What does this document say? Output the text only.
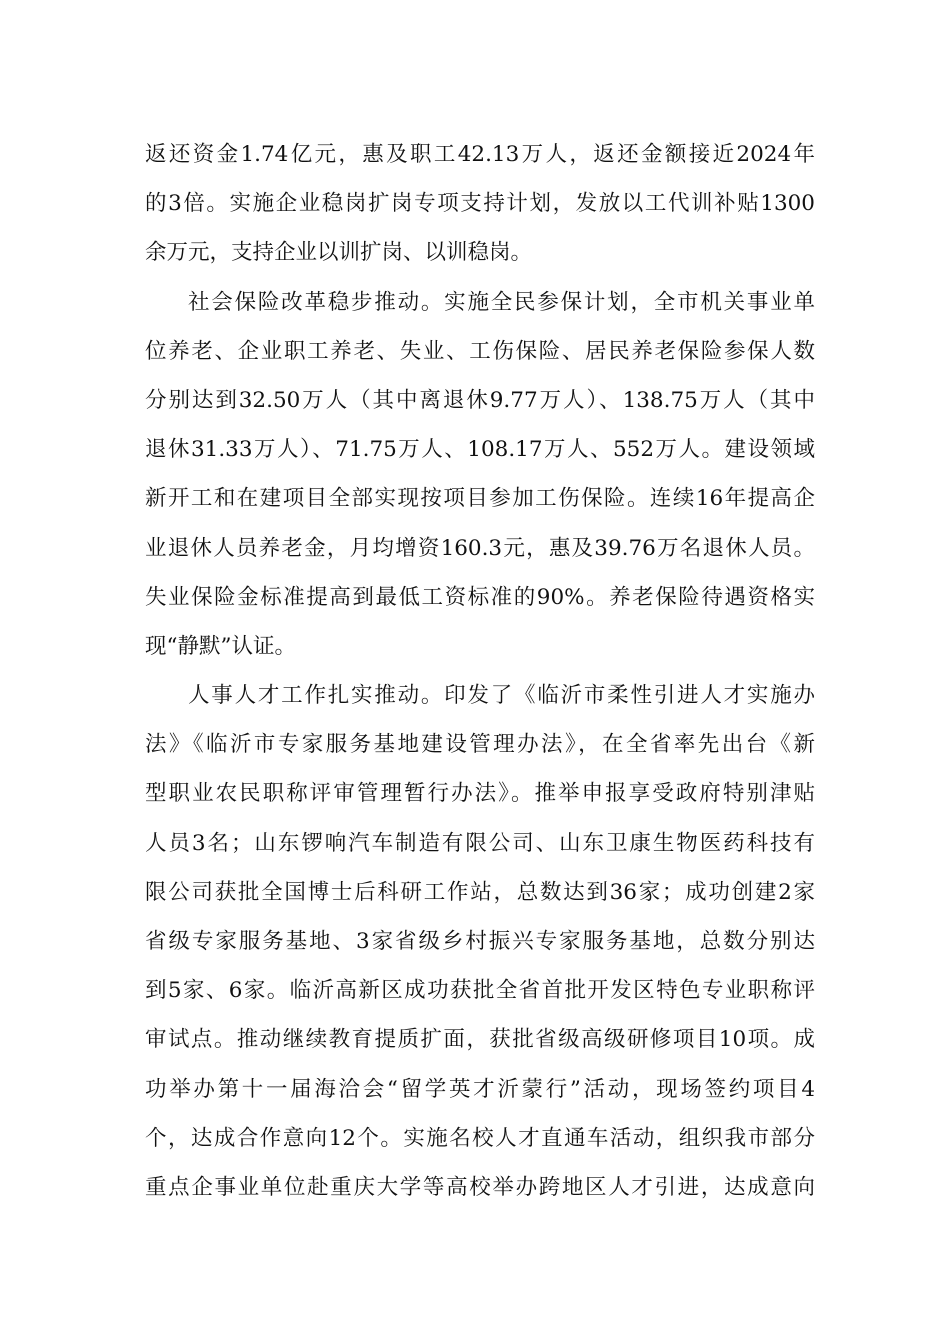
返还资金1.74亿元，惠及职工42.13万人，返还金额接近2024年
的3倍。实施企业稳岗扩岗专项支持计划，发放以工代训补贴1300
余万元，支持企业以训扩岗、以训稳岗。
社会保险改革稳步推动。实施全民参保计划，全市机关事业单
位养老、企业职工养老、失业、工伤保险、居民养老保险参保人数
分别达到32.50万人（其中离退休9.77万人）、138.75万人（其中
退休31.33万人）、71.75万人、108.17万人、552万人。建设领域
新开工和在建项目全部实现按项目参加工伤保险。连续16年提高企
业退休人员养老金，月均增资160.3元，惠及39.76万名退休人员。
失业保险金标准提高到最低工资标准的90%。养老保险待遇资格实
现“静默”认证。
人事人才工作扎实推动。印发了《临沂市柔性引进人才实施办
法》《临沂市专家服务基地建设管理办法》，在全省率先出台《新
型职业农民职称评审管理暂行办法》。推举申报享受政府特别津贴
人员3名；山东锣响汽车制造有限公司、山东卫康生物医药科技有
限公司获批全国博士后科研工作站，总数达到36家；成功创建2家
省级专家服务基地、3家省级乡村振兴专家服务基地，总数分别达
到5家、6家。临沂高新区成功获批全省首批开发区特色专业职称评
审试点。推动继续教育提质扩面，获批省级高级研修项目10项。成
功举办第十一届海洽会“留学英才沂蒙行”活动，现场签约项目4
个，达成合作意向12个。实施名校人才直通车活动，组织我市部分
重点企事业单位赴重庆大学等高校举办跨地区人才引进，达成意向
